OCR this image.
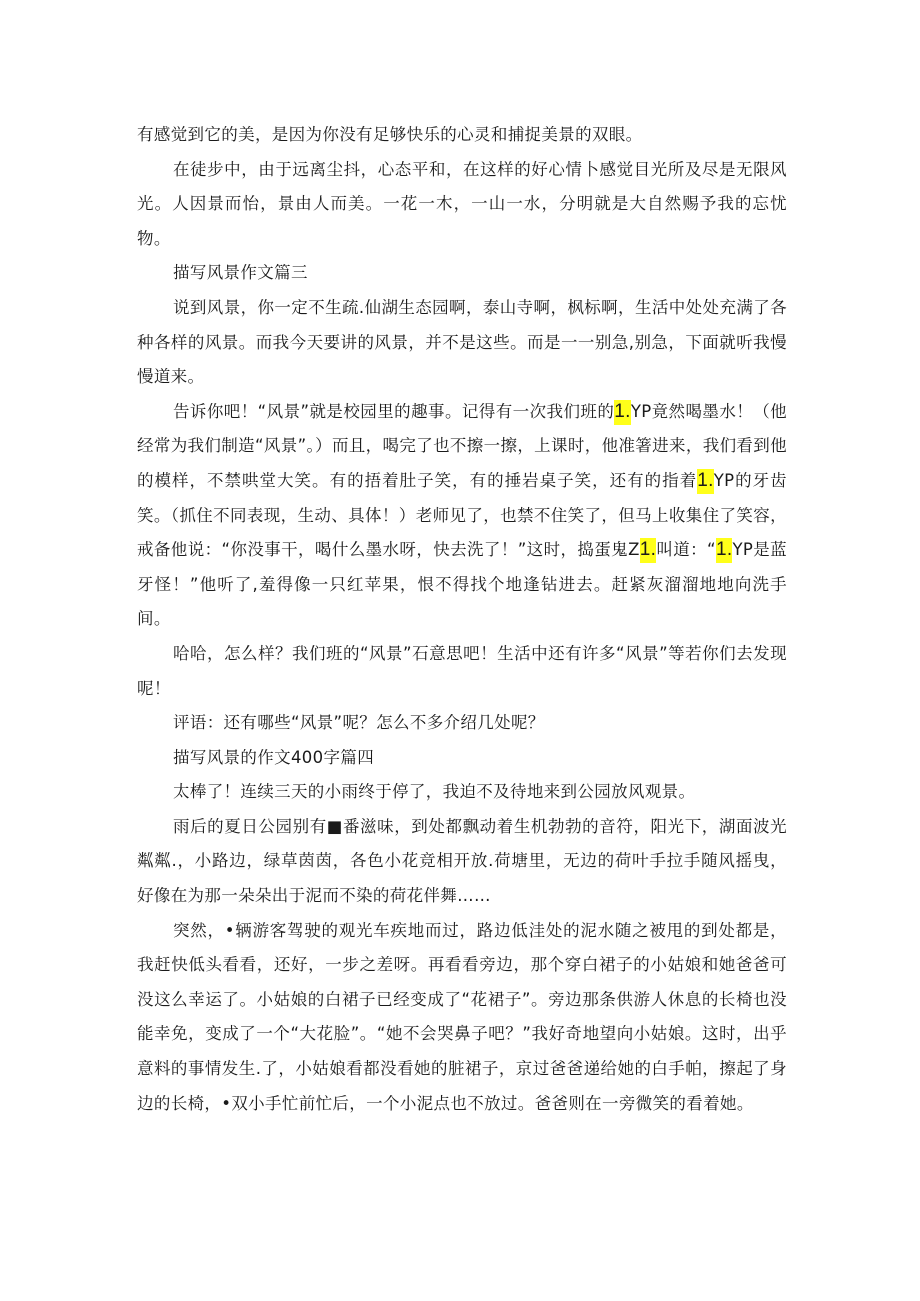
有感觉到它的美，是因为你没有足够快乐的心灵和捕捉美景的双眼。

在徒步中，由于远离尘抖，心态平和，在这样的好心情卜感觉目光所及尽是无限风光。人因景而怡，景由人而美。一花一木，一山一水，分明就是大自然赐予我的忘忧物。

描写风景作文篇三

说到风景，你一定不生疏.仙湖生态园啊，泰山寺啊，枫标啊，生活中处处充满了各种各样的风景。而我今天要讲的风景，并不是这些。而是一一别急,别急，下面就听我慢慢道来。

告诉你吧！“风景”就是校园里的趣事。记得有一次我们班的1.YP竟然喝墨水！（他经常为我们制造“风景”。）而且，喝完了也不擦一擦，上课时，他准箸进来，我们看到他的模样，不禁哄堂大笑。有的捂着肚子笑，有的捶岩桌子笑，还有的指着1.YP的牙齿笑。（抓住不同表现，生动、具体！）老师见了，也禁不住笑了，但马上收集住了笑容，戒备他说：“你没事干，喝什么墨水呀，快去洗了！”这时，捣蛋鬼Z1.叫道：“1.YP是蓝牙怪！”他听了,羞得像一只红苹果，恨不得找个地逢钻进去。赶紧灰溜溜地地向洗手间。

哈哈，怎么样？我们班的“风景”石意思吧！生活中还有许多“风景”等若你们去发现呢！

评语：还有哪些“风景”呢？怎么不多介绍几处呢？

描写风景的作文400字篇四

太棒了！连续三天的小雨终于停了，我迫不及待地来到公园放风观景。

雨后的夏日公园别有■番滋味，到处都飘动着生机勃勃的音符，阳光下，湖面波光粼粼.，小路边，绿草茵茵，各色小花竞相开放.荷塘里，无边的荷叶手拉手随风摇曳，好像在为那一朵朵出于泥而不染的荷花伴舞……

突然，•辆游客驾驶的观光车疾地而过，路边低洼处的泥水随之被甩的到处都是，我赶快低头看看，还好，一步之差呀。再看看旁边，那个穿白裙子的小姑娘和她爸爸可没这么幸运了。小姑娘的白裙子已经变成了“花裙子”。旁边那条供游人休息的长椅也没能幸免，变成了一个“大花脸”。“她不会哭鼻子吧？”我好奇地望向小姑娘。这时，出乎意料的事情发生.了，小姑娘看都没看她的脏裙子，京过爸爸递给她的白手帕，擦起了身边的长椅，•双小手忙前忙后，一个小泥点也不放过。爸爸则在一旁微笑的看着她。
